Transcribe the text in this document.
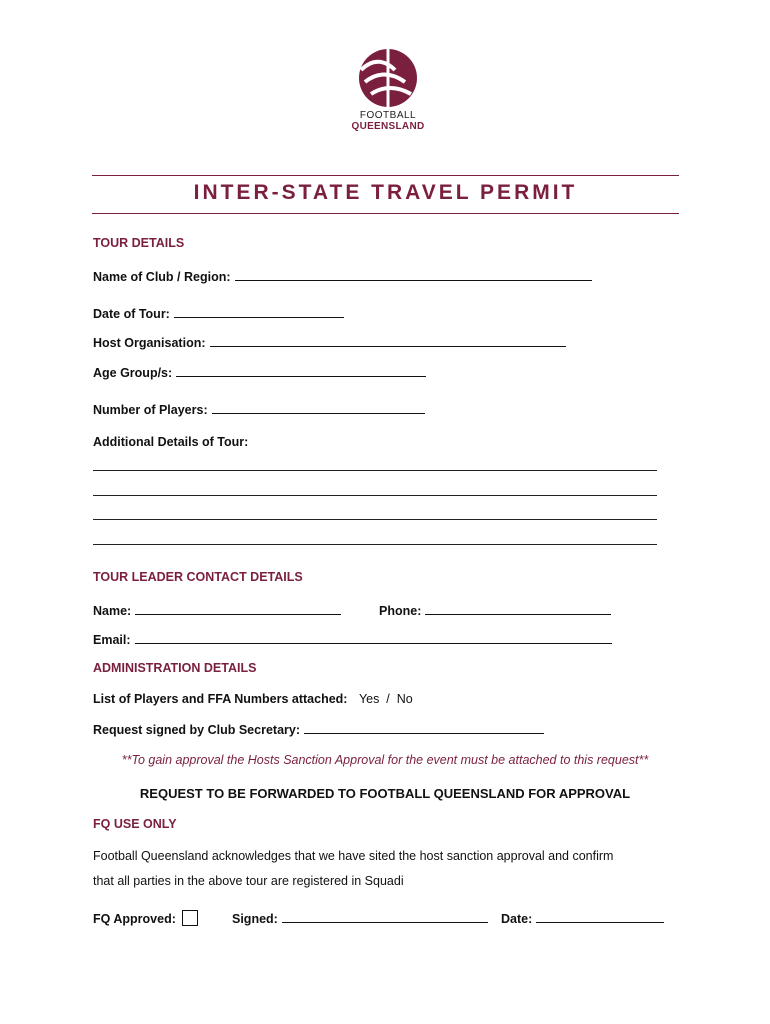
FOOTBALL
QUEENSLAND
INTER-STATE TRAVEL PERMIT
TOUR DETAILS
Name of Club / Region:
Date of Tour:
Host Organisation:
Age Group/s:
Number of Players:
Additional Details of Tour:
TOUR LEADER CONTACT DETAILS
Name:	Phone:
Email:
ADMINISTRATION DETAILS
List of Players and FFA Numbers attached: Yes  /  No
Request signed by Club Secretary:
**To gain approval the Hosts Sanction Approval for the event must be attached to this request**
REQUEST TO BE FORWARDED TO FOOTBALL QUEENSLAND FOR APPROVAL
FQ USE ONLY
Football Queensland acknowledges that we have sited the host sanction approval and confirm
that all parties in the above tour are registered in Squadi
FQ Approved:	Signed:	Date:
